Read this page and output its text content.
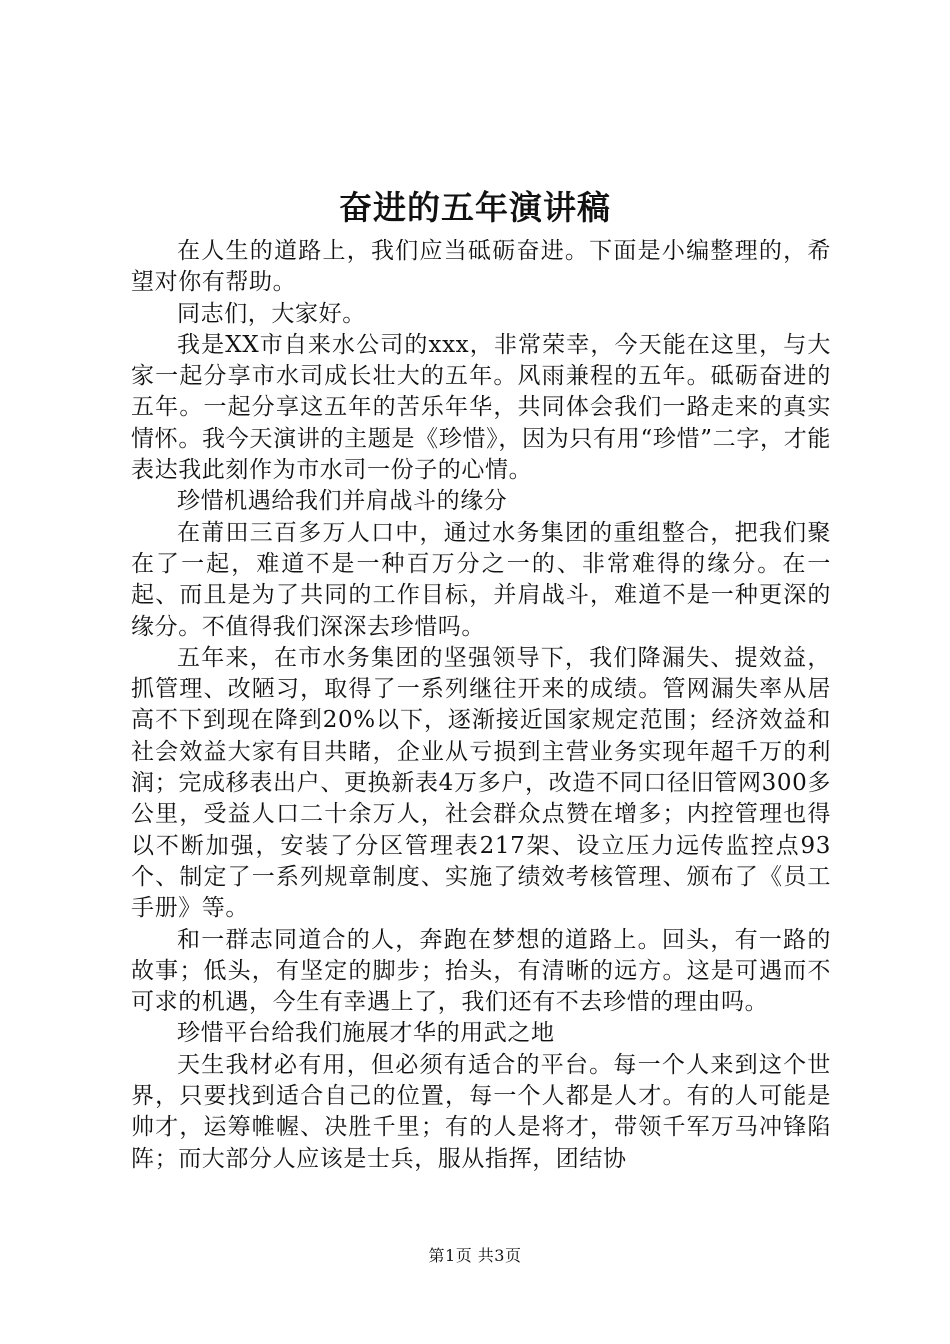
奋进的五年演讲稿

在人生的道路上，我们应当砥砺奋进。下面是小编整理的，希望对你有帮助。

同志们，大家好。

我是XX市自来水公司的xxx，非常荣幸，今天能在这里，与大家一起分享市水司成长壮大的五年。风雨兼程的五年。砥砺奋进的五年。一起分享这五年的苦乐年华，共同体会我们一路走来的真实情怀。我今天演讲的主题是《珍惜》，因为只有用“珍惜”二字，才能表达我此刻作为市水司一份子的心情。

珍惜机遇给我们并肩战斗的缘分

在莆田三百多万人口中，通过水务集团的重组整合，把我们聚在了一起，难道不是一种百万分之一的、非常难得的缘分。在一起、而且是为了共同的工作目标，并肩战斗，难道不是一种更深的缘分。不值得我们深深去珍惜吗。

五年来，在市水务集团的坚强领导下，我们降漏失、提效益，抓管理、改陋习，取得了一系列继往开来的成绩。管网漏失率从居高不下到现在降到20%以下，逐渐接近国家规定范围；经济效益和社会效益大家有目共睹，企业从亏损到主营业务实现年超千万的利润；完成移表出户、更换新表4万多户，改造不同口径旧管网300多公里，受益人口二十余万人，社会群众点赞在增多；内控管理也得以不断加强，安装了分区管理表217架、设立压力远传监控点93个、制定了一系列规章制度、实施了绩效考核管理、颁布了《员工手册》等。

和一群志同道合的人，奔跑在梦想的道路上。回头，有一路的故事；低头，有坚定的脚步；抬头，有清晰的远方。这是可遇而不可求的机遇，今生有幸遇上了，我们还有不去珍惜的理由吗。

珍惜平台给我们施展才华的用武之地

天生我材必有用，但必须有适合的平台。每一个人来到这个世界，只要找到适合自己的位置，每一个人都是人才。有的人可能是帅才，运筹帷幄、决胜千里；有的人是将才，带领千军万马冲锋陷阵；而大部分人应该是士兵，服从指挥，团结协

第1页 共3页
